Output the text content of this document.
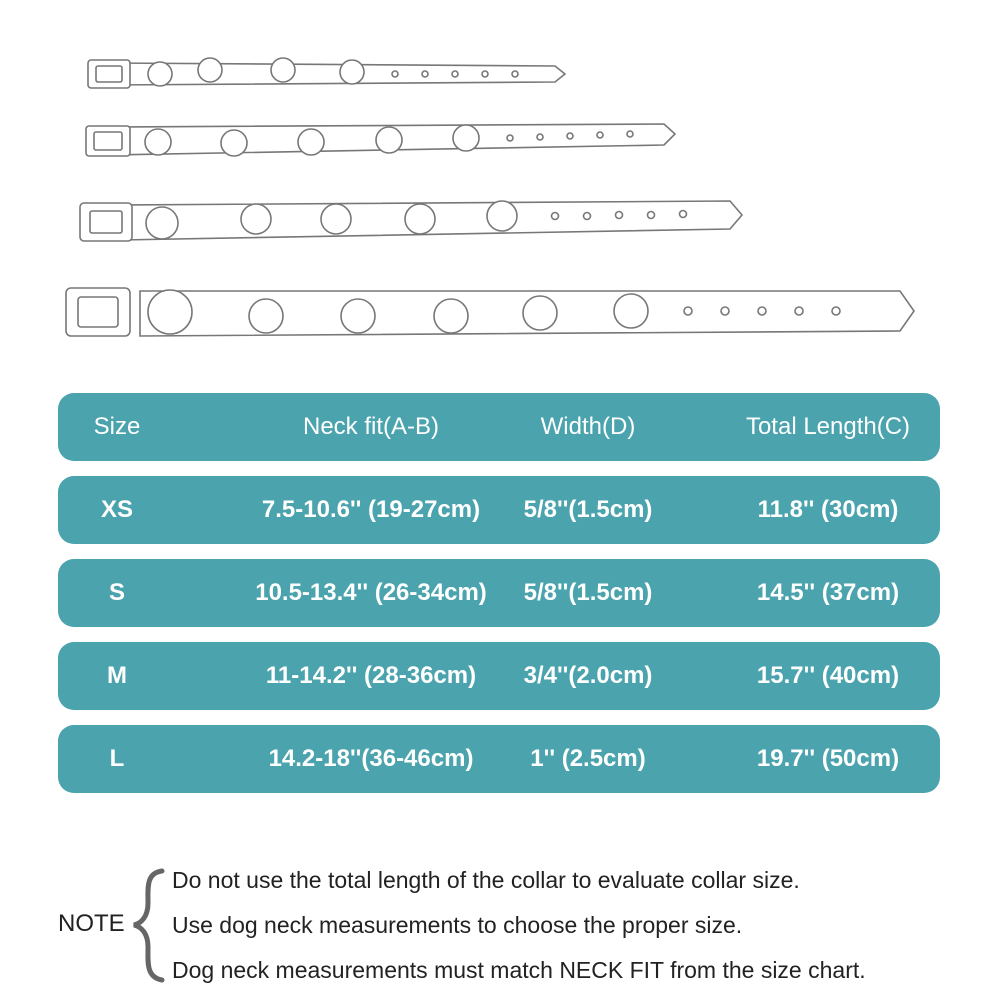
Size	Neck fit(A-B)	Width(D)	Total Length(C)
XS	7.5-10.6'' (19-27cm)	5/8''(1.5cm)	11.8'' (30cm)
S	10.5-13.4'' (26-34cm)	5/8''(1.5cm)	14.5'' (37cm)
M	11-14.2'' (28-36cm)	3/4''(2.0cm)	15.7'' (40cm)
L	14.2-18''(36-46cm)	1'' (2.5cm)	19.7'' (50cm)
NOTE
Do not use the total length of the collar to evaluate collar size.
Use dog neck measurements to choose the proper size.
Dog neck measurements must match NECK FIT from the size chart.
